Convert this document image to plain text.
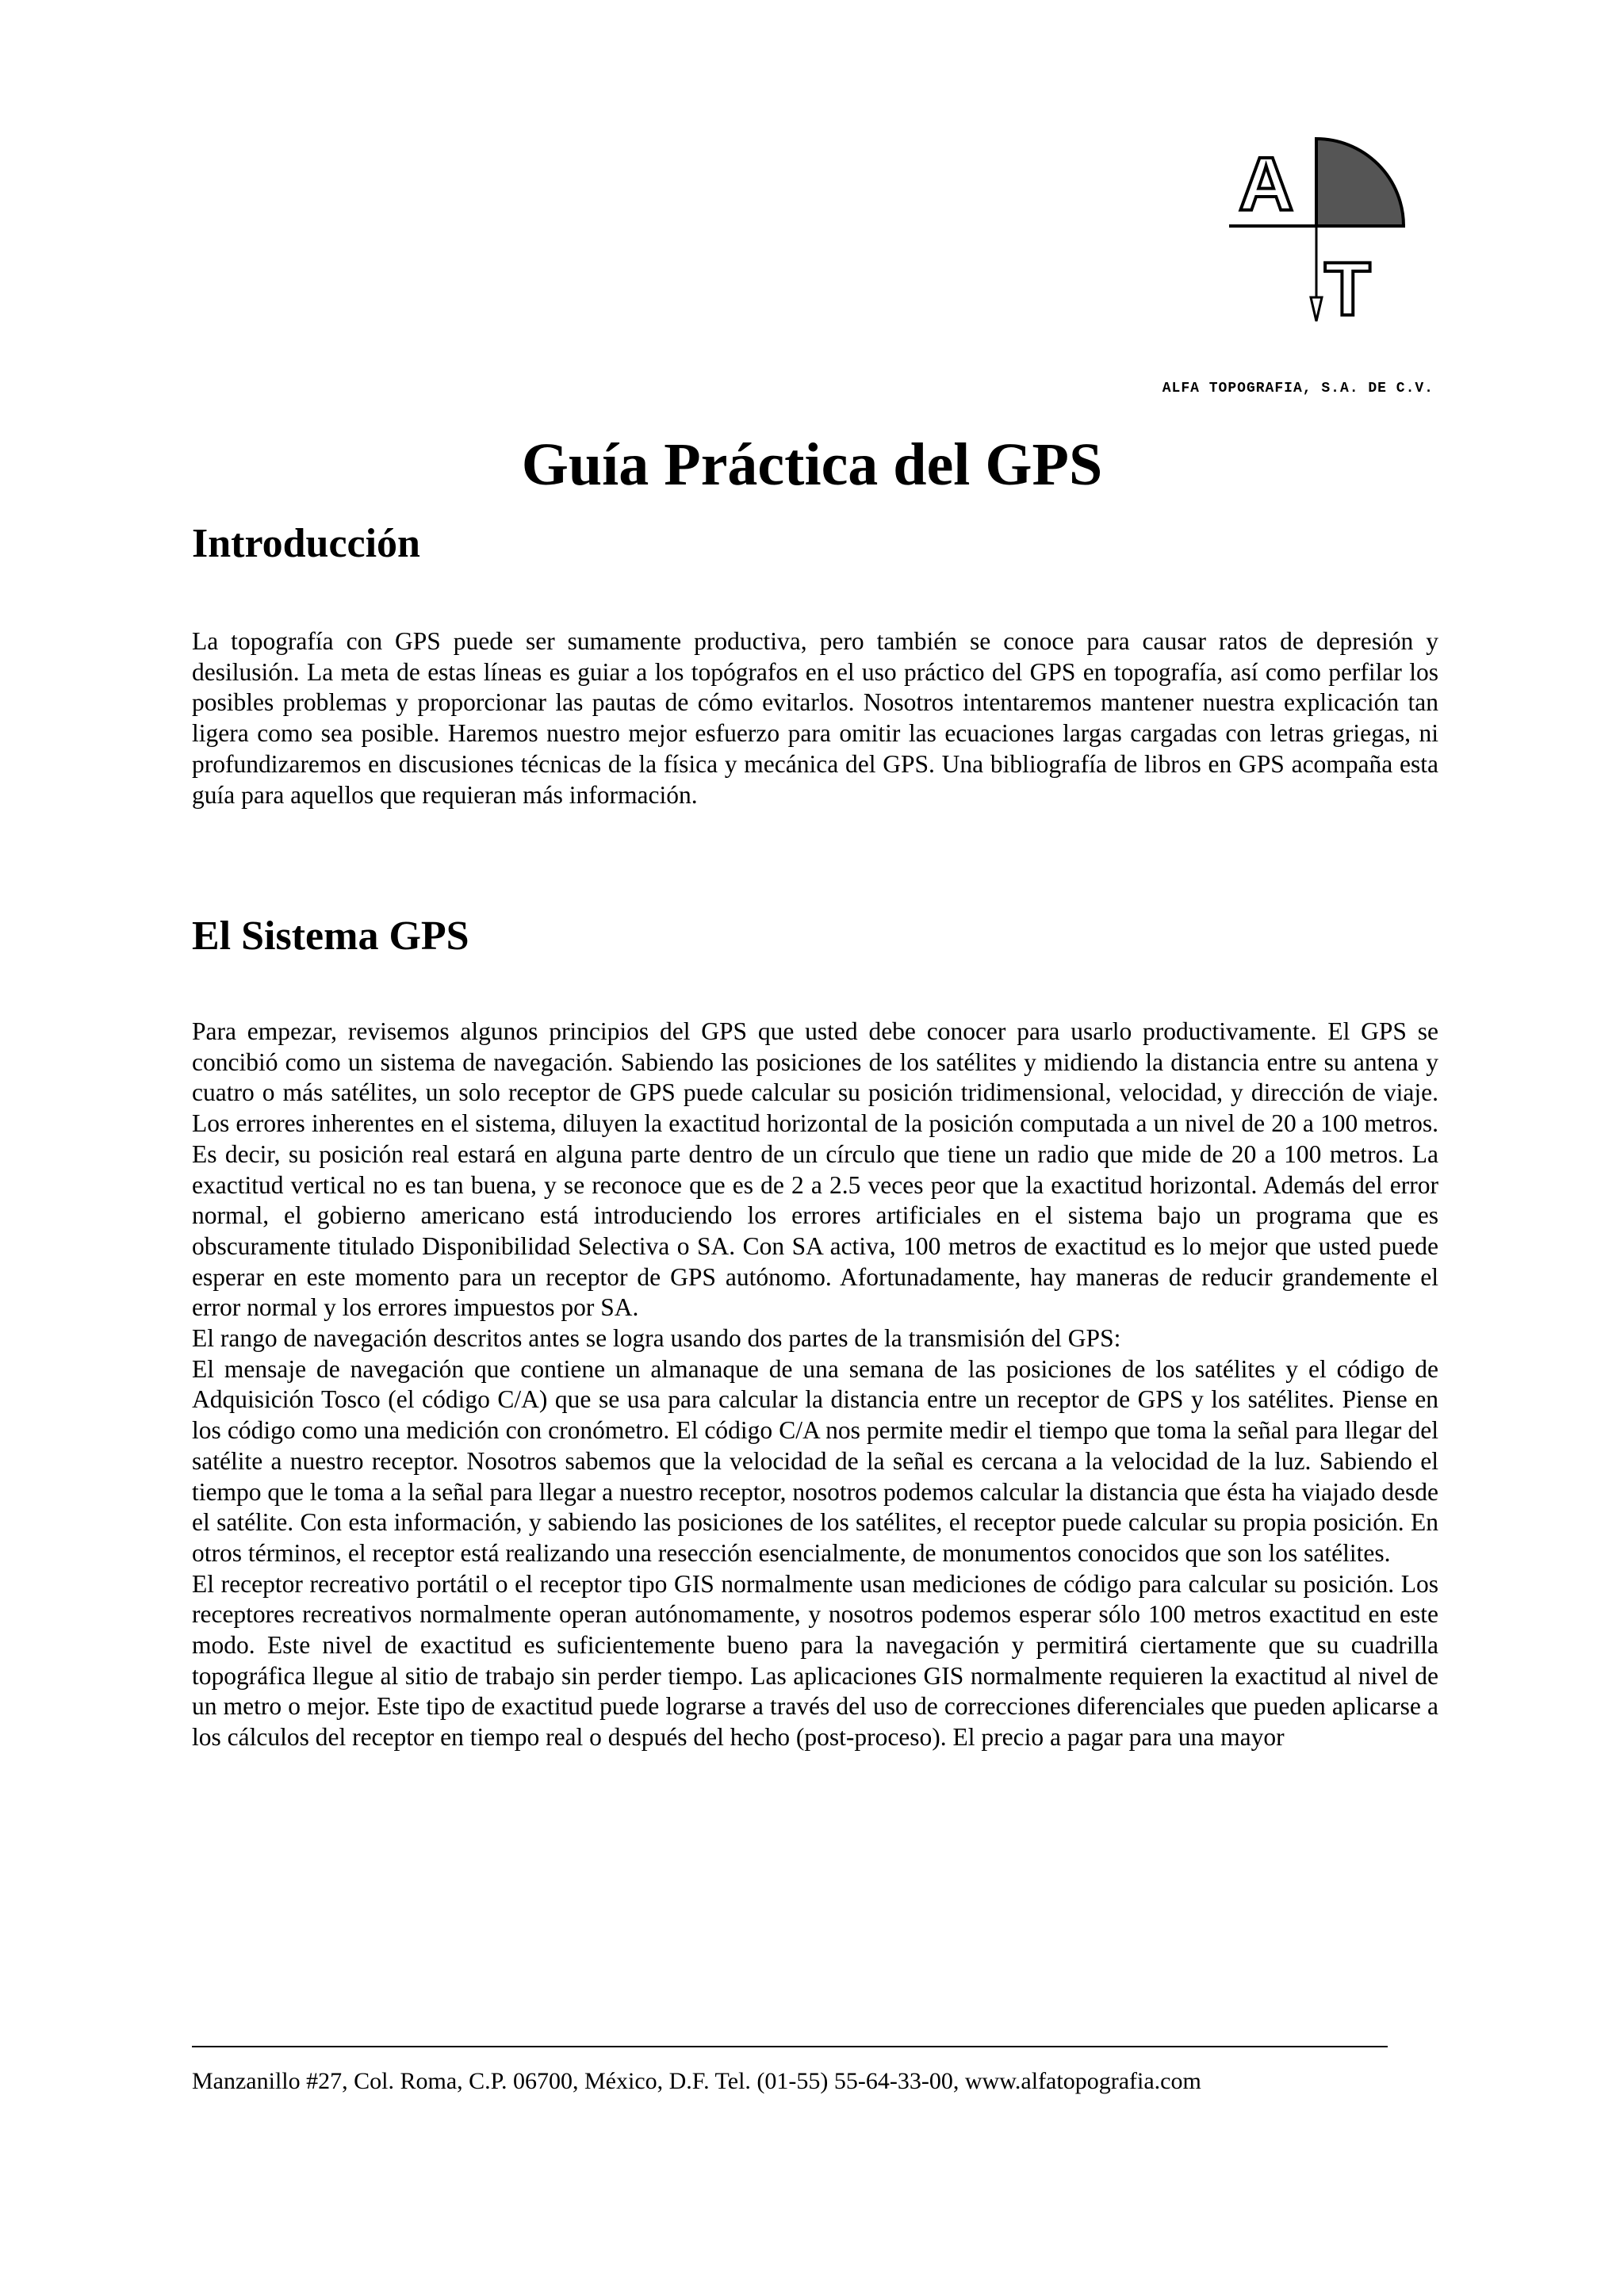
A
T
ALFA TOPOGRAFIA, S.A. DE C.V.
Guía Práctica del GPS
Introducción

La topografía con GPS puede ser sumamente productiva, pero también se conoce para causar ratos de depresión y desilusión. La meta de estas líneas es guiar a los topógrafos en el uso práctico del GPS en topografía, así como perfilar los posibles problemas y proporcionar las pautas de cómo evitarlos. Nosotros intentaremos mantener nuestra explicación tan ligera como sea posible. Haremos nuestro mejor esfuerzo para omitir las ecuaciones largas cargadas con letras griegas, ni profundizaremos en discusiones técnicas de la física y mecánica del GPS. Una bibliografía de libros en GPS acompaña esta guía para aquellos que requieran más información.

El Sistema GPS
Para empezar, revisemos algunos principios del GPS que usted debe conocer para usarlo productivamente. El GPS se concibió como un sistema de navegación. Sabiendo las posiciones de los satélites y midiendo la distancia entre su antena y cuatro o más satélites, un solo receptor de GPS puede calcular su posición tridimensional, velocidad, y dirección de viaje. Los errores inherentes en el sistema, diluyen la exactitud horizontal de la posición computada a un nivel de 20 a 100 metros. Es decir, su posición real estará en alguna parte dentro de un círculo que tiene un radio que mide de 20 a 100 metros. La exactitud vertical no es tan buena, y se reconoce que es de 2 a 2.5 veces peor que la exactitud horizontal. Además del error normal, el gobierno americano está introduciendo los errores artificiales en el sistema bajo un programa que es obscuramente titulado Disponibilidad Selectiva o SA. Con SA activa, 100 metros de exactitud es lo mejor que usted puede esperar en este momento para un receptor de GPS autónomo. Afortunadamente, hay maneras de reducir grandemente el error normal y los errores impuestos por SA.
El rango de navegación descritos antes se logra usando dos partes de la transmisión del GPS:
El mensaje de navegación que contiene un almanaque de una semana de las posiciones de los satélites y el código de Adquisición Tosco (el código C/A) que se usa para calcular la distancia entre un receptor de GPS y los satélites. Piense en los código como una medición con cronómetro. El código C/A nos permite medir el tiempo que toma la señal para llegar del satélite a nuestro receptor. Nosotros sabemos que la velocidad de la señal es cercana a la velocidad de la luz. Sabiendo el tiempo que le toma a la señal para llegar a nuestro receptor, nosotros podemos calcular la distancia que ésta ha viajado desde el satélite. Con esta información, y sabiendo las posiciones de los satélites, el receptor puede calcular su propia posición. En otros términos, el receptor está realizando una resección esencialmente, de monumentos conocidos que son los satélites.
El receptor recreativo portátil o el receptor tipo GIS normalmente usan mediciones de código para calcular su posición. Los receptores recreativos normalmente operan autónomamente, y nosotros podemos esperar sólo 100 metros exactitud en este modo. Este nivel de exactitud es suficientemente bueno para la navegación y permitirá ciertamente que su cuadrilla topográfica llegue al sitio de trabajo sin perder tiempo. Las aplicaciones GIS normalmente requieren la exactitud al nivel de un metro o mejor. Este tipo de exactitud puede lograrse a través del uso de correcciones diferenciales que pueden aplicarse a los cálculos del receptor en tiempo real o después del hecho (post-proceso). El precio a pagar para una mayor

Manzanillo #27, Col. Roma, C.P. 06700, México, D.F. Tel. (01-55) 55-64-33-00, www.alfatopografia.com
